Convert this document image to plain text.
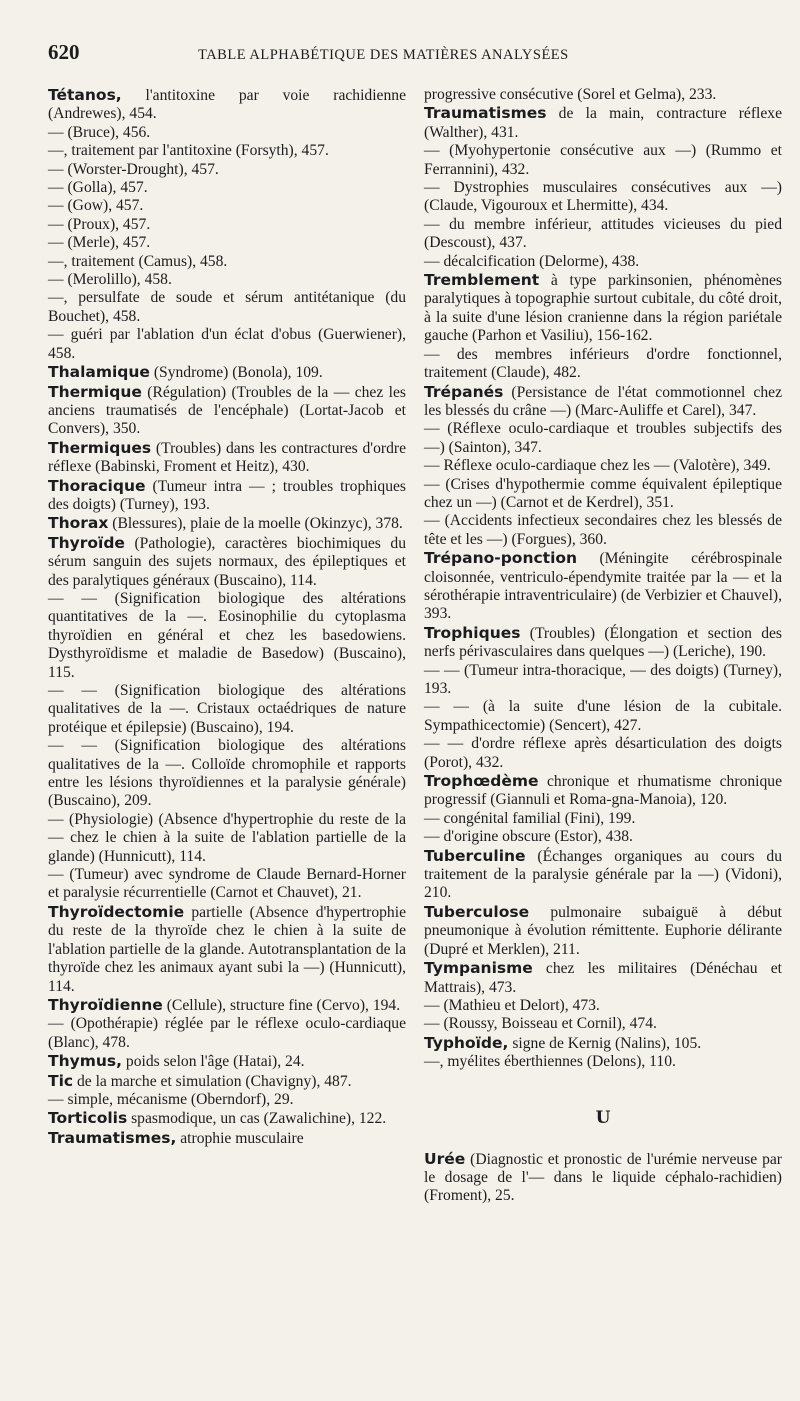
620	TABLE ALPHABÉTIQUE DES MATIÈRES ANALYSÉES

Tétanos, l'antitoxine par voie rachidienne (Andrewes), 454.

— (Bruce), 456.

—, traitement par l'antitoxine (Forsyth), 457.

— (Worster-Drought), 457.

— (Golla), 457.

— (Gow), 457.

— (Proux), 457.

— (Merle), 457.

—, traitement (Camus), 458.

— (Merolillo), 458.

—, persulfate de soude et sérum antitétanique (du Bouchet), 458.

— guéri par l'ablation d'un éclat d'obus (Guerwiener), 458.

Thalamique (Syndrome) (Bonola), 109.

Thermique (Régulation) (Troubles de la — chez les anciens traumatisés de l'encéphale) (Lortat-Jacob et Convers), 350.

Thermiques (Troubles) dans les contractures d'ordre réflexe (Babinski, Froment et Heitz), 430.

Thoracique (Tumeur intra — ; troubles trophiques des doigts) (Turney), 193.

Thorax (Blessures), plaie de la moelle (Okinzyc), 378.

Thyroïde (Pathologie), caractères biochimiques du sérum sanguin des sujets normaux, des épileptiques et des paralytiques généraux (Buscaino), 114.

— — (Signification biologique des altérations quantitatives de la —. Eosinophilie du cytoplasma thyroïdien en général et chez les basedowiens. Dysthyroïdisme et maladie de Basedow) (Buscaino), 115.

— — (Signification biologique des altérations qualitatives de la —. Cristaux octaédriques de nature protéique et épilepsie) (Buscaino), 194.

— — (Signification biologique des altérations qualitatives de la —. Colloïde chromophile et rapports entre les lésions thyroïdiennes et la paralysie générale) (Buscaino), 209.

— (Physiologie) (Absence d'hypertrophie du reste de la — chez le chien à la suite de l'ablation partielle de la glande) (Hunnicutt), 114.

— (Tumeur) avec syndrome de Claude Bernard-Horner et paralysie récurrentielle (Carnot et Chauvet), 21.

Thyroïdectomie partielle (Absence d'hypertrophie du reste de la thyroïde chez le chien à la suite de l'ablation partielle de la glande. Autotransplantation de la thyroïde chez les animaux ayant subi la —) (Hunnicutt), 114.

Thyroïdienne (Cellule), structure fine (Cervo), 194.

— (Opothérapie) réglée par le réflexe oculo-cardiaque (Blanc), 478.

Thymus, poids selon l'âge (Hatai), 24.

Tic de la marche et simulation (Chavigny), 487.

— simple, mécanisme (Oberndorf), 29.

Torticolis spasmodique, un cas (Zawalichine), 122.

Traumatismes, atrophie musculaire

progressive consécutive (Sorel et Gelma), 233.

Traumatismes de la main, contracture réflexe (Walther), 431.

— (Myohypertonie consécutive aux —) (Rummo et Ferrannini), 432.

— Dystrophies musculaires consécutives aux —) (Claude, Vigouroux et Lhermitte), 434.

— du membre inférieur, attitudes vicieuses du pied (Descoust), 437.

— décalcification (Delorme), 438.

Tremblement à type parkinsonien, phénomènes paralytiques à topographie surtout cubitale, du côté droit, à la suite d'une lésion cranienne dans la région pariétale gauche (Parhon et Vasiliu), 156-162.

— des membres inférieurs d'ordre fonctionnel, traitement (Claude), 482.

Trépanés (Persistance de l'état commotionnel chez les blessés du crâne —) (Marc-Auliffe et Carel), 347.

— (Réflexe oculo-cardiaque et troubles subjectifs des —) (Sainton), 347.

— Réflexe oculo-cardiaque chez les — (Valotère), 349.

— (Crises d'hypothermie comme équivalent épileptique chez un —) (Carnot et de Kerdrel), 351.

— (Accidents infectieux secondaires chez les blessés de tête et les —) (Forgues), 360.

Trépano-ponction (Méningite cérébrospinale cloisonnée, ventriculo-épendymite traitée par la — et la sérothérapie intraventriculaire) (de Verbizier et Chauvel), 393.

Trophiques (Troubles) (Élongation et section des nerfs périvasculaires dans quelques —) (Leriche), 190.

— — (Tumeur intra-thoracique, — des doigts) (Turney), 193.

— — (à la suite d'une lésion de la cubitale. Sympathicectomie) (Sencert), 427.

— — d'ordre réflexe après désarticulation des doigts (Porot), 432.

Trophœdème chronique et rhumatisme chronique progressif (Giannuli et Roma-gna-Manoia), 120.

— congénital familial (Fini), 199.

— d'origine obscure (Estor), 438.

Tuberculine (Échanges organiques au cours du traitement de la paralysie générale par la —) (Vidoni), 210.

Tuberculose pulmonaire subaiguë à début pneumonique à évolution rémittente. Euphorie délirante (Dupré et Merklen), 211.

Tympanisme chez les militaires (Dénéchau et Mattrais), 473.

— (Mathieu et Delort), 473.

— (Roussy, Boisseau et Cornil), 474.

Typhoïde, signe de Kernig (Nalins), 105.

—, myélites éberthiennes (Delons), 110.

U

Urée (Diagnostic et pronostic de l'urémie nerveuse par le dosage de l'— dans le liquide céphalo-rachidien) (Froment), 25.
